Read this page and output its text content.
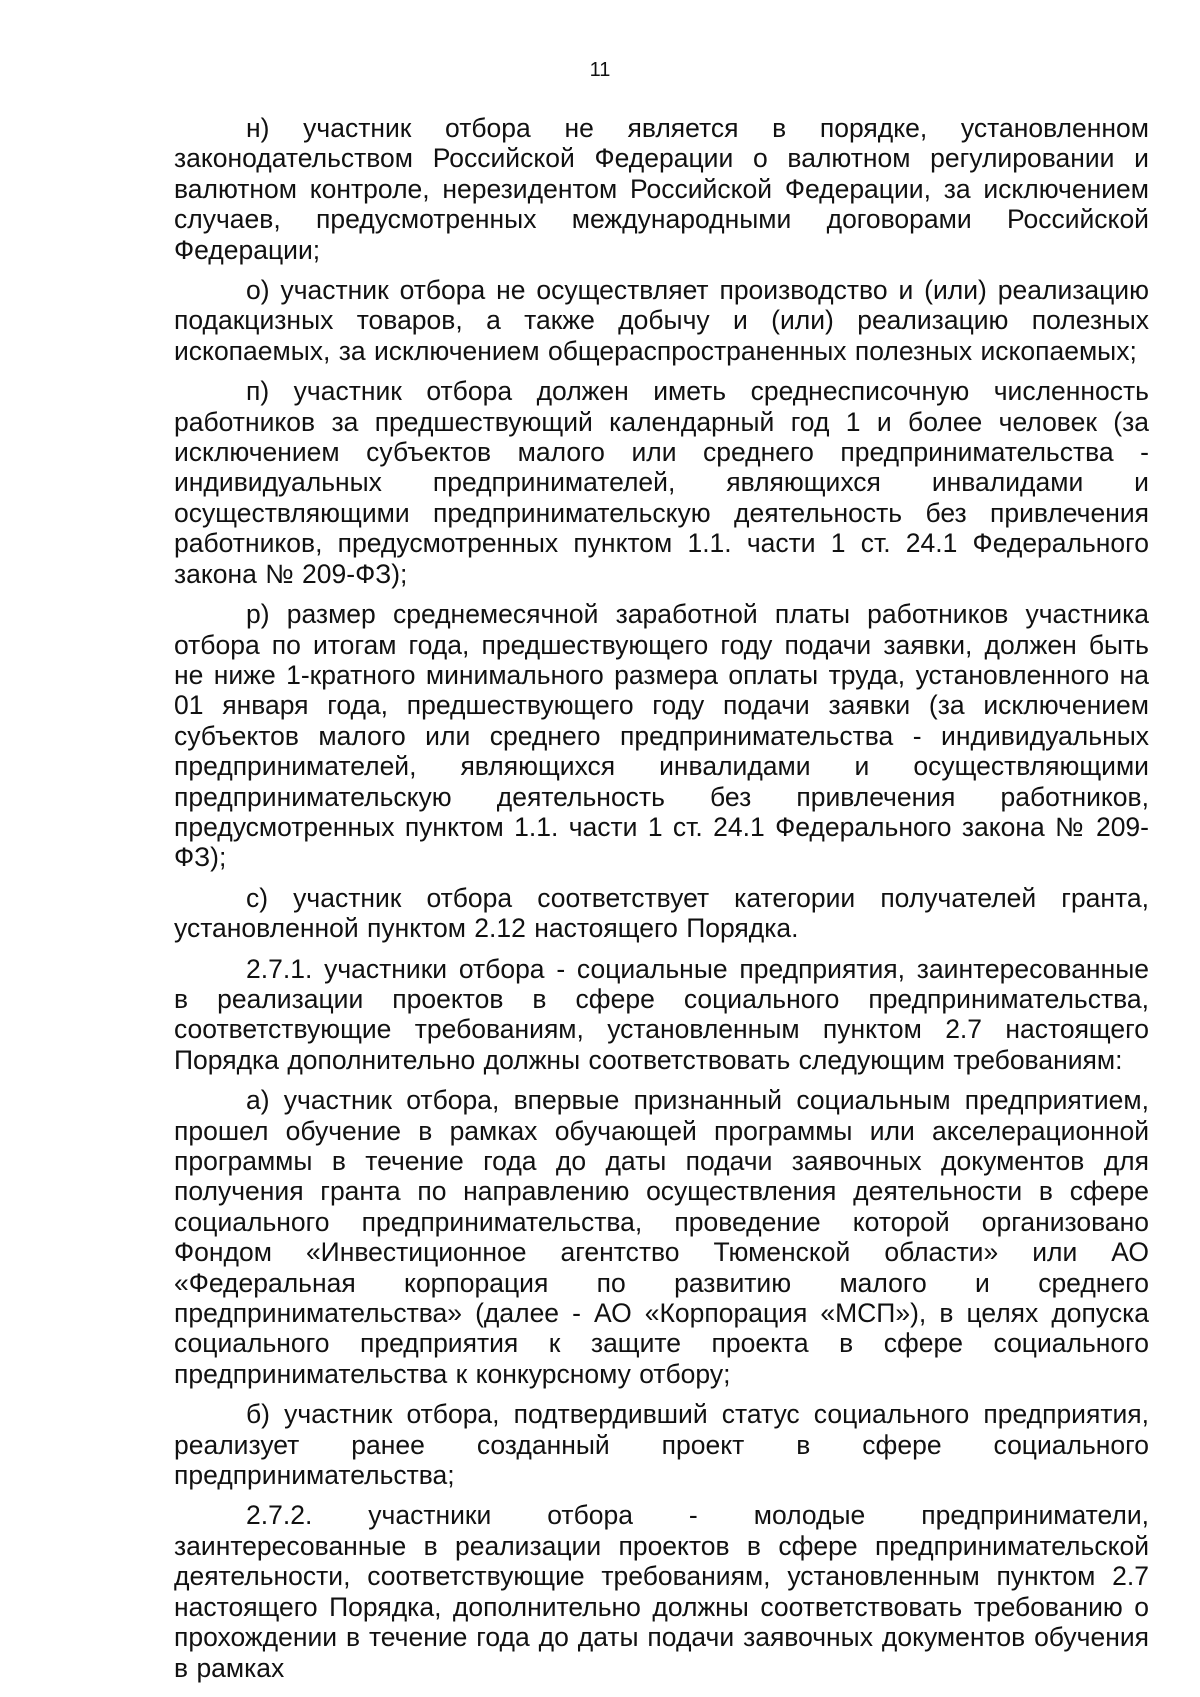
11

н) участник отбора не является в порядке, установленном законодательством Российской Федерации о валютном регулировании и валютном контроле, нерезидентом Российской Федерации, за исключением случаев, предусмотренных международными договорами Российской Федерации;

о) участник отбора не осуществляет производство и (или) реализацию подакцизных товаров, а также добычу и (или) реализацию полезных ископаемых, за исключением общераспространенных полезных ископаемых;

п) участник отбора должен иметь среднесписочную численность работников за предшествующий календарный год 1 и более человек (за исключением субъектов малого или среднего предпринимательства - индивидуальных предпринимателей, являющихся инвалидами и осуществляющими предпринимательскую деятельность без привлечения работников, предусмотренных пунктом 1.1. части 1 ст. 24.1 Федерального закона № 209-ФЗ);

р) размер среднемесячной заработной платы работников участника отбора по итогам года, предшествующего году подачи заявки, должен быть не ниже 1-кратного минимального размера оплаты труда, установленного на 01 января года, предшествующего году подачи заявки (за исключением субъектов малого или среднего предпринимательства - индивидуальных предпринимателей, являющихся инвалидами и осуществляющими предпринимательскую деятельность без привлечения работников, предусмотренных пунктом 1.1. части 1 ст. 24.1 Федерального закона № 209-ФЗ);

с) участник отбора соответствует категории получателей гранта, установленной пунктом 2.12 настоящего Порядка.

2.7.1. участники отбора - социальные предприятия, заинтересованные в реализации проектов в сфере социального предпринимательства, соответствующие требованиям, установленным пунктом 2.7 настоящего Порядка дополнительно должны соответствовать следующим требованиям:

а) участник отбора, впервые признанный социальным предприятием, прошел обучение в рамках обучающей программы или акселерационной программы в течение года до даты подачи заявочных документов для получения гранта по направлению осуществления деятельности в сфере социального предпринимательства, проведение которой организовано Фондом «Инвестиционное агентство Тюменской области» или АО «Федеральная корпорация по развитию малого и среднего предпринимательства» (далее - АО «Корпорация «МСП»), в целях допуска социального предприятия к защите проекта в сфере социального предпринимательства к конкурсному отбору;

б) участник отбора, подтвердивший статус социального предприятия, реализует ранее созданный проект в сфере социального предпринимательства;

2.7.2. участники отбора - молодые предприниматели, заинтересованные в реализации проектов в сфере предпринимательской деятельности, соответствующие требованиям, установленным пунктом 2.7 настоящего Порядка, дополнительно должны соответствовать требованию о прохождении в течение года до даты подачи заявочных документов обучения в рамках
